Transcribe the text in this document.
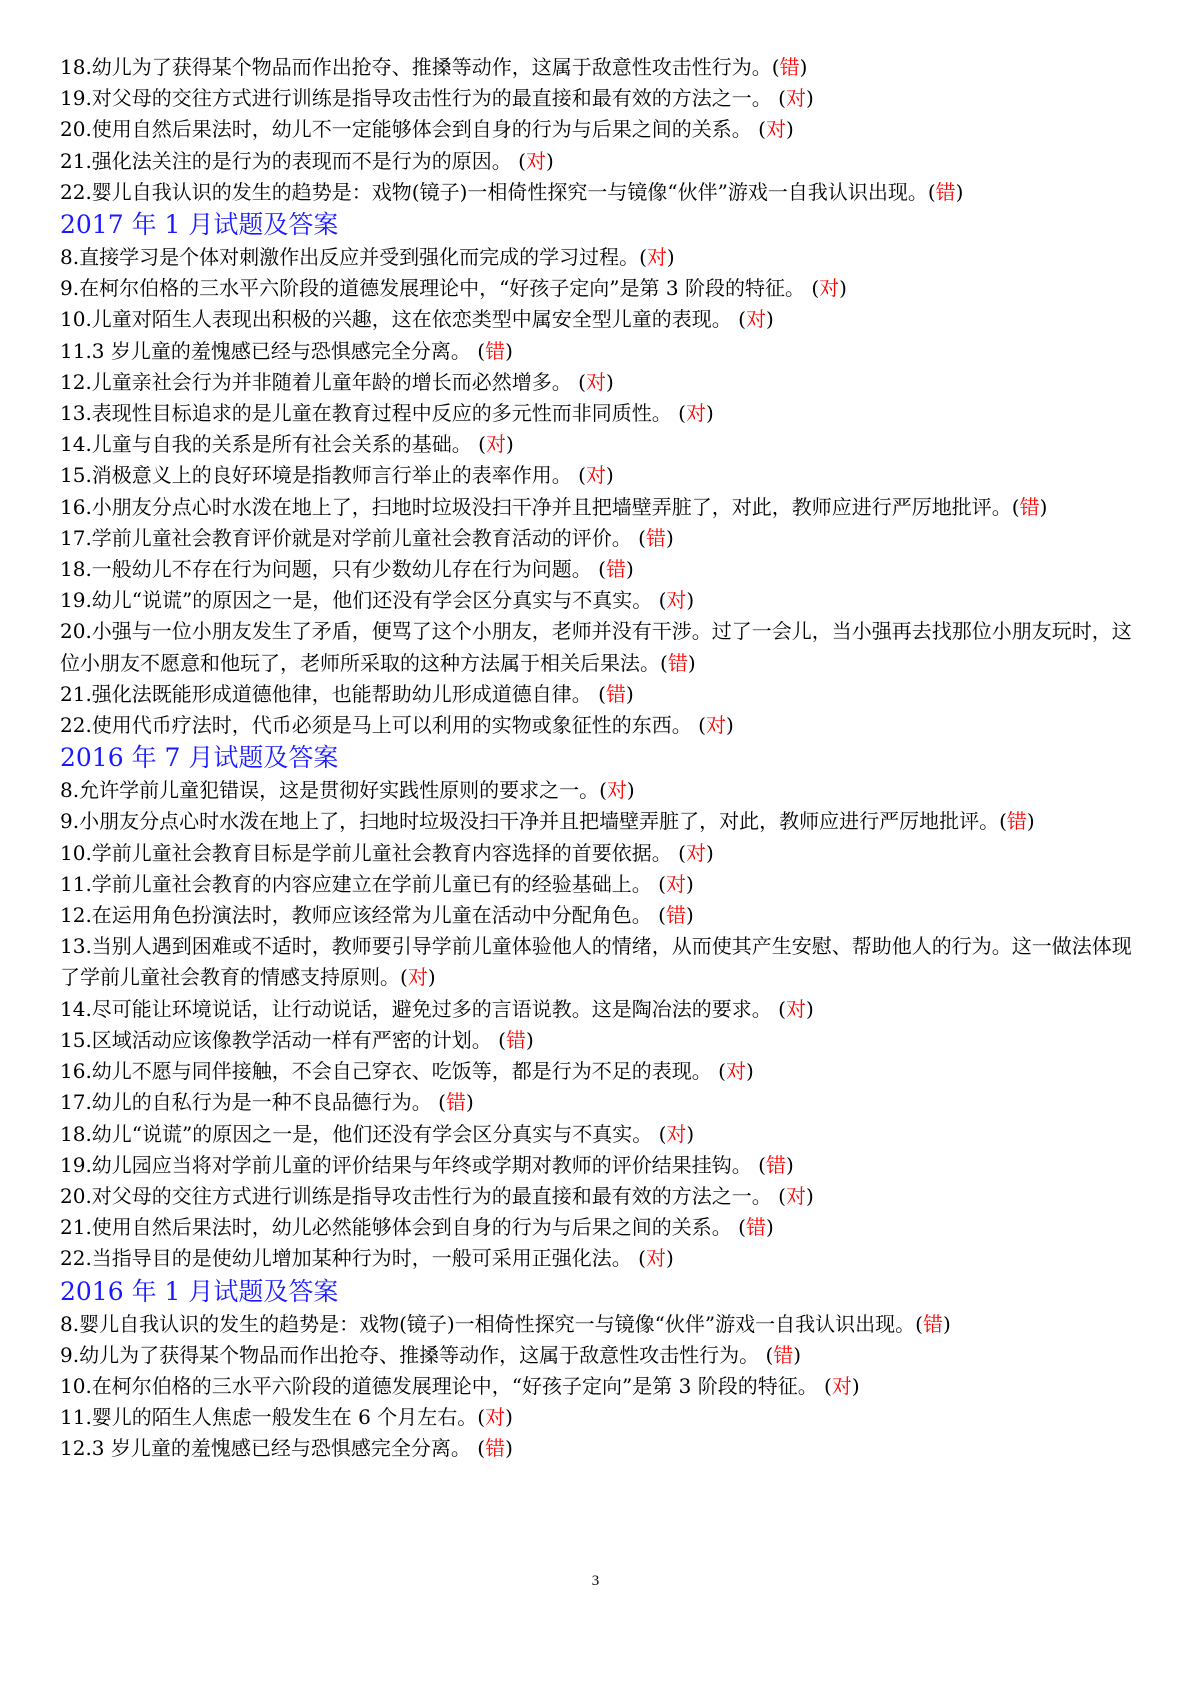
18.幼儿为了获得某个物品而作出抢夺、推搡等动作，这属于敌意性攻击性行为。(错)
19.对父母的交往方式进行训练是指导攻击性行为的最直接和最有效的方法之一。 (对)
20.使用自然后果法时，幼儿不一定能够体会到自身的行为与后果之间的关系。 (对)
21.强化法关注的是行为的表现而不是行为的原因。 (对)
22.婴儿自我认识的发生的趋势是：戏物(镜子)一相倚性探究一与镜像“伙伴”游戏一自我认识出现。(错)
2017 年 1 月试题及答案
8.直接学习是个体对刺激作出反应并受到强化而完成的学习过程。(对)
9.在柯尔伯格的三水平六阶段的道德发展理论中，“好孩子定向”是第 3 阶段的特征。 (对)
10.儿童对陌生人表现出积极的兴趣，这在依恋类型中属安全型儿童的表现。 (对)
11.3 岁儿童的羞愧感已经与恐惧感完全分离。 (错)
12.儿童亲社会行为并非随着儿童年龄的增长而必然增多。 (对)
13.表现性目标追求的是儿童在教育过程中反应的多元性而非同质性。 (对)
14.儿童与自我的关系是所有社会关系的基础。 (对)
15.消极意义上的良好环境是指教师言行举止的表率作用。 (对)
16.小朋友分点心时水泼在地上了，扫地时垃圾没扫干净并且把墙壁弄脏了，对此，教师应进行严厉地批评。(错)
17.学前儿童社会教育评价就是对学前儿童社会教育活动的评价。 (错)
18.一般幼儿不存在行为问题，只有少数幼儿存在行为问题。 (错)
19.幼儿“说谎”的原因之一是，他们还没有学会区分真实与不真实。 (对)
20.小强与一位小朋友发生了矛盾，便骂了这个小朋友，老师并没有干涉。过了一会儿，当小强再去找那位小朋友玩时，这位小朋友不愿意和他玩了，老师所采取的这种方法属于相关后果法。(错)
21.强化法既能形成道德他律，也能帮助幼儿形成道德自律。 (错)
22.使用代币疗法时，代币必须是马上可以利用的实物或象征性的东西。 (对)
2016 年 7 月试题及答案
8.允许学前儿童犯错误，这是贯彻好实践性原则的要求之一。(对)
9.小朋友分点心时水泼在地上了，扫地时垃圾没扫干净并且把墙壁弄脏了，对此，教师应进行严厉地批评。(错)
10.学前儿童社会教育目标是学前儿童社会教育内容选择的首要依据。 (对)
11.学前儿童社会教育的内容应建立在学前儿童已有的经验基础上。 (对)
12.在运用角色扮演法时，教师应该经常为儿童在活动中分配角色。 (错)
13.当别人遇到困难或不适时，教师要引导学前儿童体验他人的情绪，从而使其产生安慰、帮助他人的行为。这一做法体现了学前儿童社会教育的情感支持原则。(对)
14.尽可能让环境说话，让行动说话，避免过多的言语说教。这是陶冶法的要求。 (对)
15.区域活动应该像教学活动一样有严密的计划。 (错)
16.幼儿不愿与同伴接触，不会自己穿衣、吃饭等，都是行为不足的表现。 (对)
17.幼儿的自私行为是一种不良品德行为。 (错)
18.幼儿“说谎”的原因之一是，他们还没有学会区分真实与不真实。 (对)
19.幼儿园应当将对学前儿童的评价结果与年终或学期对教师的评价结果挂钩。 (错)
20.对父母的交往方式进行训练是指导攻击性行为的最直接和最有效的方法之一。 (对)
21.使用自然后果法时，幼儿必然能够体会到自身的行为与后果之间的关系。 (错)
22.当指导目的是使幼儿增加某种行为时，一般可采用正强化法。 (对)
2016 年 1 月试题及答案
8.婴儿自我认识的发生的趋势是：戏物(镜子)一相倚性探究一与镜像“伙伴”游戏一自我认识出现。(错)
9.幼儿为了获得某个物品而作出抢夺、推搡等动作，这属于敌意性攻击性行为。 (错)
10.在柯尔伯格的三水平六阶段的道德发展理论中，“好孩子定向”是第 3 阶段的特征。 (对)
11.婴儿的陌生人焦虑一般发生在 6 个月左右。(对)
12.3 岁儿童的羞愧感已经与恐惧感完全分离。 (错)
3
